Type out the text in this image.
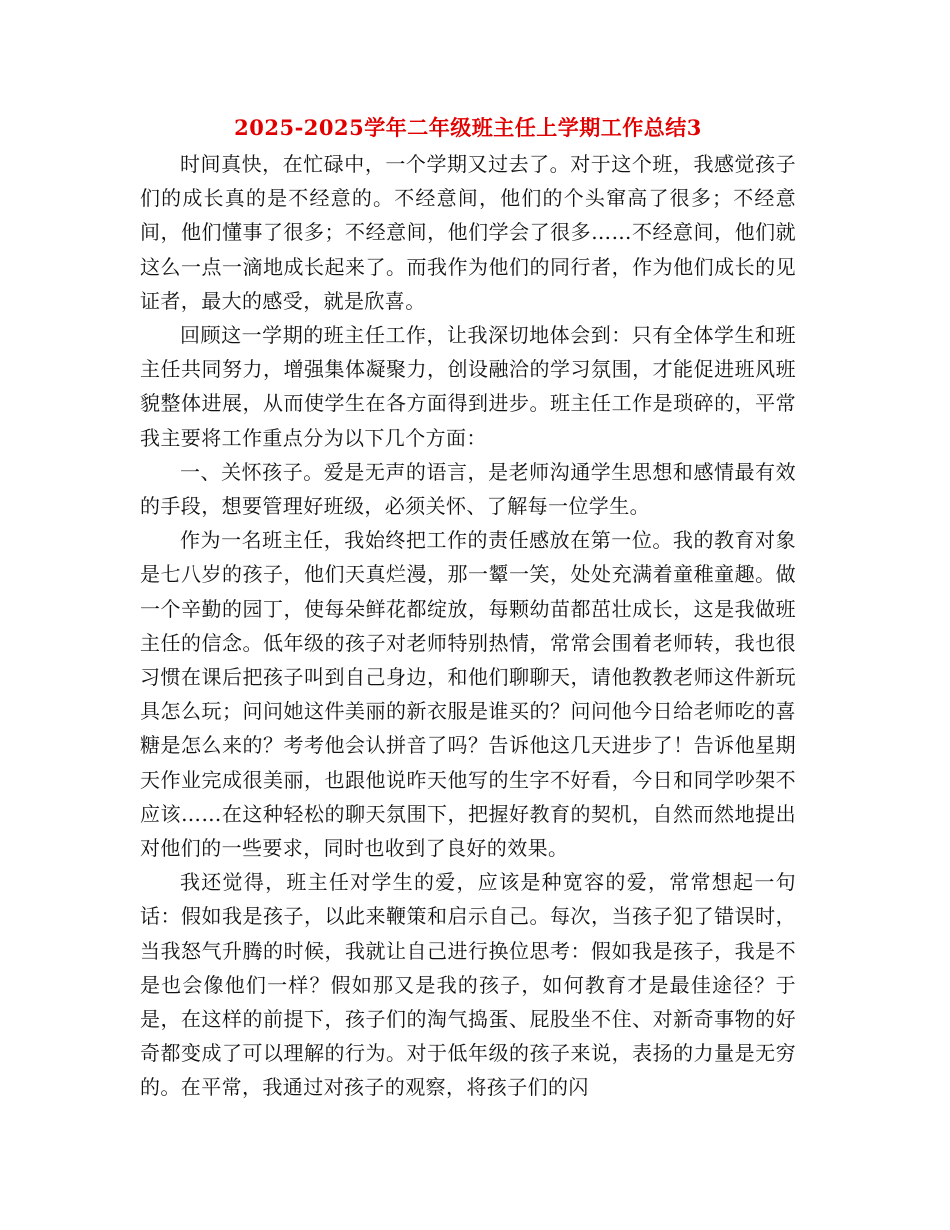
2025-2025学年二年级班主任上学期工作总结3

时间真快，在忙碌中，一个学期又过去了。对于这个班，我感觉孩子们的成长真的是不经意的。不经意间，他们的个头窜高了很多；不经意间，他们懂事了很多；不经意间，他们学会了很多……不经意间，他们就这么一点一滴地成长起来了。而我作为他们的同行者，作为他们成长的见证者，最大的感受，就是欣喜。

回顾这一学期的班主任工作，让我深切地体会到：只有全体学生和班主任共同努力，增强集体凝聚力，创设融洽的学习氛围，才能促进班风班貌整体进展，从而使学生在各方面得到进步。班主任工作是琐碎的，平常我主要将工作重点分为以下几个方面：

一、关怀孩子。爱是无声的语言，是老师沟通学生思想和感情最有效的手段，想要管理好班级，必须关怀、了解每一位学生。

作为一名班主任，我始终把工作的责任感放在第一位。我的教育对象是七八岁的孩子，他们天真烂漫，那一颦一笑，处处充满着童稚童趣。做一个辛勤的园丁，使每朵鲜花都绽放，每颗幼苗都茁壮成长，这是我做班主任的信念。低年级的孩子对老师特别热情，常常会围着老师转，我也很习惯在课后把孩子叫到自己身边，和他们聊聊天，请他教教老师这件新玩具怎么玩；问问她这件美丽的新衣服是谁买的？问问他今日给老师吃的喜糖是怎么来的？考考他会认拼音了吗？告诉他这几天进步了！告诉他星期天作业完成很美丽，也跟他说昨天他写的生字不好看，今日和同学吵架不应该……在这种轻松的聊天氛围下，把握好教育的契机，自然而然地提出对他们的一些要求，同时也收到了良好的效果。

我还觉得，班主任对学生的爱，应该是种宽容的爱，常常想起一句话：假如我是孩子，以此来鞭策和启示自己。每次，当孩子犯了错误时，当我怒气升腾的时候，我就让自己进行换位思考：假如我是孩子，我是不是也会像他们一样？假如那又是我的孩子，如何教育才是最佳途径？于是，在这样的前提下，孩子们的淘气捣蛋、屁股坐不住、对新奇事物的好奇都变成了可以理解的行为。对于低年级的孩子来说，表扬的力量是无穷的。在平常，我通过对孩子的观察，将孩子们的闪
